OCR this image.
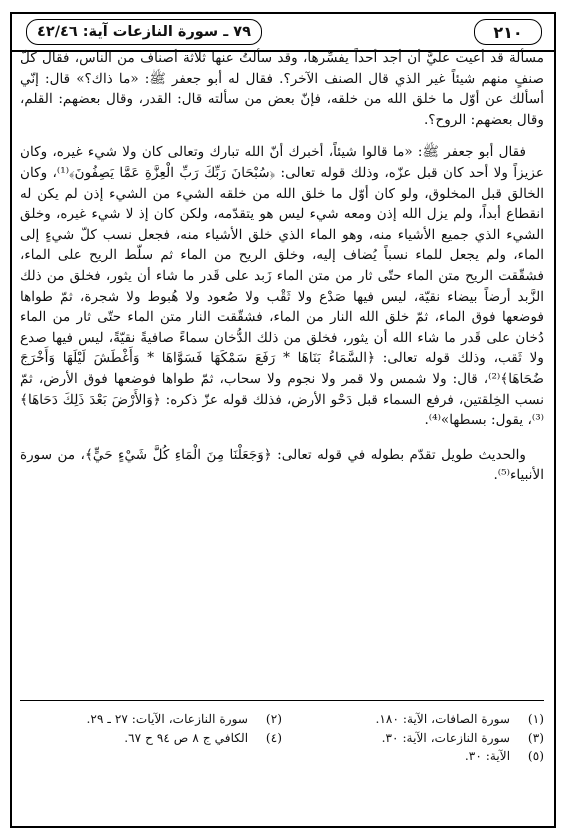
٢١٠
٧٩ ـ سورة النازعات آية: ٤٢/٤٦

مسألة قد أعيت عليَّ أن أجد أحداً يفسِّرها، وقد سألتُ عنها ثلاثة أصناف من الناس، فقال كلّ صنفٍ منهم شيئاً غير الذي قال الصنف الآخر؟. فقال له أبو جعفر ﷺ: «ما ذاك؟» قال: إنّي أسألك عن أوّل ما خلق الله من خلقه، فإنّ بعض من سألته قال: القدر، وقال بعضهم: القلم، وقال بعضهم: الروح؟.

فقال أبو جعفر ﷺ: «ما قالوا شيئاً، أخبرك أنّ الله تبارك وتعالى كان ولا شيء غيره، وكان عزيزاً ولا أحد كان قبل عزّه، وذلك قوله تعالى: ﴿سُبْحَانَ رَبِّكَ رَبِّ الْعِزَّةِ عَمَّا يَصِفُونَ﴾⁽¹⁾، وكان الخالق قبل المخلوق، ولو كان أوّل ما خلق الله من خلقه الشيء من الشيء إذن لم يكن له انقطاع أبداً، ولم يزل الله إذن ومعه شيء ليس هو يتقدّمه، ولكن كان إذ لا شيء غيره، وخلق الشيء الذي جميع الأشياء منه، وهو الماء الذي خلق الأشياء منه، فجعل نسب كلّ شيءٍ إلى الماء، ولم يجعل للماء نسباً يُضاف إليه، وخلق الريح من الماء ثم سلّط الريح على الماء، فشقّقت الريح متن الماء حتّى ثار من متن الماء زَبد على قَدر ما شاء أن يثور، فخلق من ذلك الزَّبد أرضاً بيضاء نقيّة، ليس فيها صَدْع ولا ثَقْب ولا صُعود ولا هُبوط ولا شجرة، ثمّ طواها فوضعها فوق الماء، ثمّ خلق الله النار من الماء، فشقّقت النار متن الماء حتّى ثار من الماء دُخان على قَدر ما شاء الله أن يثور، فخلق من ذلك الدُّخان سماءً صافيةً نقيّةً، ليس فيها صدع ولا ثَقب، وذلك قوله تعالى: ﴿السَّمَاءُ بَنَاهَا * رَفَعَ سَمْكَهَا فَسَوَّاهَا * وَأَغْطَشَ لَيْلَهَا وَأَخْرَجَ ضُحَاهَا﴾⁽²⁾، قال: ولا شمس ولا قمر ولا نجوم ولا سحاب، ثمّ طواها فوضعها فوق الأرض، ثمّ نسب الخِلقتين، فرفع السماء قبل دَحْو الأرض، فذلك قوله عزّ ذكره: ﴿وَالأَرْضَ بَعْدَ ذَلِكَ دَحَاهَا﴾⁽³⁾، يقول: بسطها»⁽⁴⁾.

والحديث طويل تقدّم بطوله في قوله تعالى: ﴿وَجَعَلْنَا مِنَ الْمَاءِ كُلَّ شَيْءٍ حَيٍّ﴾، من سورة الأنبياء⁽⁵⁾.

(١) سورة الصافات، الآية: ١٨٠.
(٣) سورة النازعات، الآية: ٣٠.
(٥) الآية: ٣٠.
(٢) سورة النازعات، الآيات: ٢٧ ـ ٢٩.
(٤) الكافي ج ٨ ص ٩٤ ح ٦٧.
